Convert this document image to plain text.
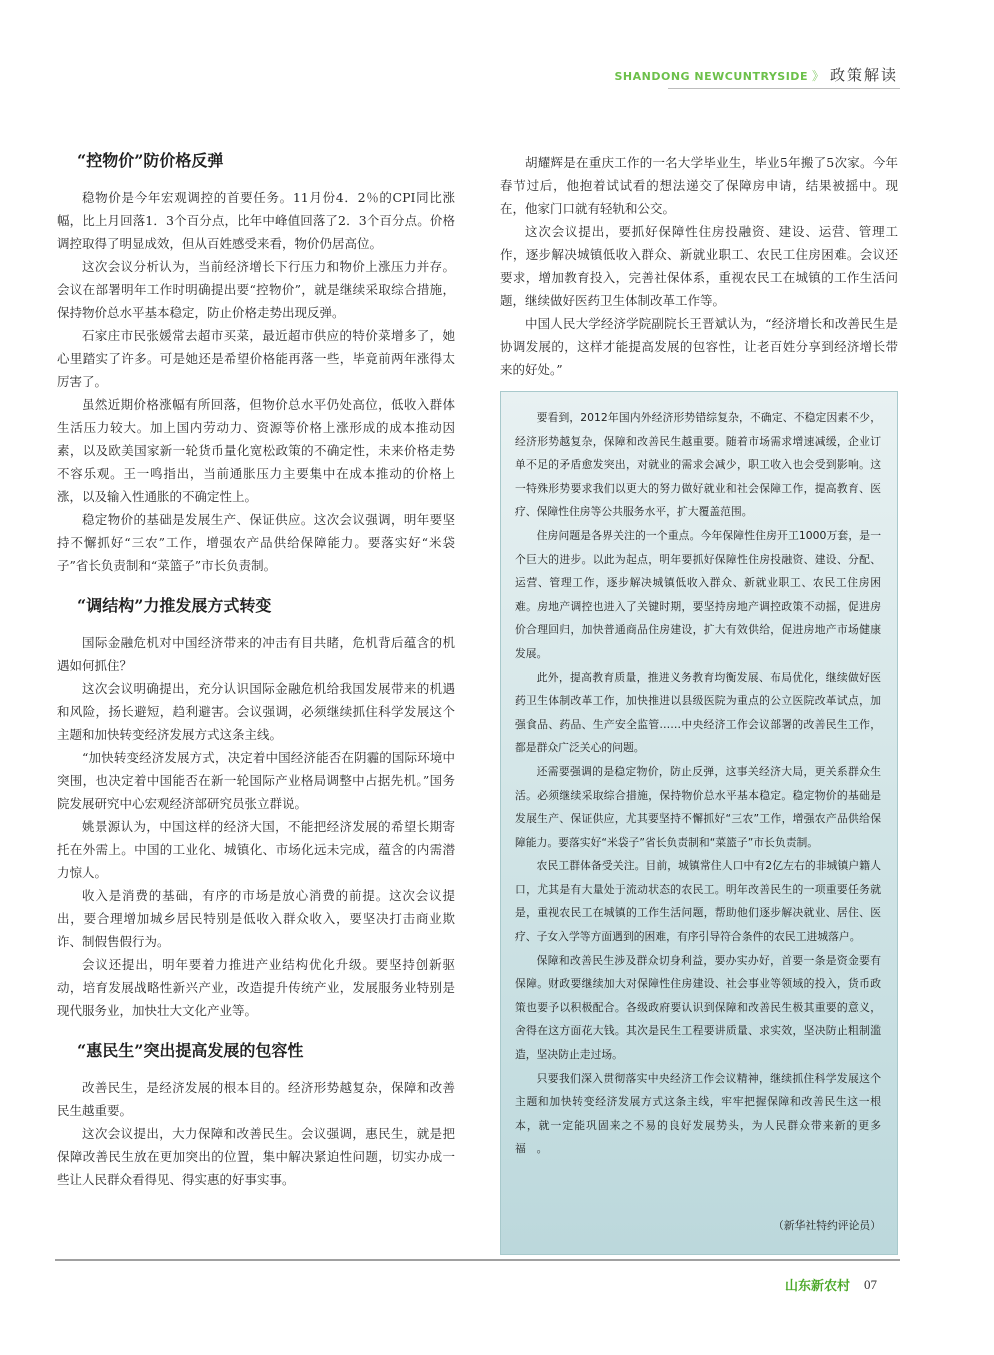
SHANDONG NEWCUNTRYSIDE 》 政策解读
“控物价”防价格反弹

稳物价是今年宏观调控的首要任务。11月份4．2％的CPI同比涨幅，比上月回落1．3个百分点，比年中峰值回落了2．3个百分点。价格调控取得了明显成效，但从百姓感受来看，物价仍居高位。

这次会议分析认为，当前经济增长下行压力和物价上涨压力并存。会议在部署明年工作时明确提出要“控物价”，就是继续采取综合措施，保持物价总水平基本稳定，防止价格走势出现反弹。

石家庄市民张媛常去超市买菜，最近超市供应的特价菜增多了，她心里踏实了许多。可是她还是希望价格能再落一些，毕竟前两年涨得太厉害了。

虽然近期价格涨幅有所回落，但物价总水平仍处高位，低收入群体生活压力较大。加上国内劳动力、资源等价格上涨形成的成本推动因素，以及欧美国家新一轮货币量化宽松政策的不确定性，未来价格走势不容乐观。王一鸣指出，当前通胀压力主要集中在成本推动的价格上涨，以及输入性通胀的不确定性上。

稳定物价的基础是发展生产、保证供应。这次会议强调，明年要坚持不懈抓好“三农”工作，增强农产品供给保障能力。要落实好“米袋子”省长负责制和“菜篮子”市长负责制。

“调结构”力推发展方式转变

国际金融危机对中国经济带来的冲击有目共睹，危机背后蕴含的机遇如何抓住？

这次会议明确提出，充分认识国际金融危机给我国发展带来的机遇和风险，扬长避短，趋利避害。会议强调，必须继续抓住科学发展这个主题和加快转变经济发展方式这条主线。

“加快转变经济发展方式，决定着中国经济能否在阴霾的国际环境中突围，也决定着中国能否在新一轮国际产业格局调整中占据先机。”国务院发展研究中心宏观经济部研究员张立群说。

姚景源认为，中国这样的经济大国，不能把经济发展的希望长期寄托在外需上。中国的工业化、城镇化、市场化远未完成，蕴含的内需潜力惊人。

收入是消费的基础，有序的市场是放心消费的前提。这次会议提出，要合理增加城乡居民特别是低收入群众收入，要坚决打击商业欺诈、制假售假行为。

会议还提出，明年要着力推进产业结构优化升级。要坚持创新驱动，培育发展战略性新兴产业，改造提升传统产业，发展服务业特别是现代服务业，加快壮大文化产业等。

“惠民生”突出提高发展的包容性

改善民生，是经济发展的根本目的。经济形势越复杂，保障和改善民生越重要。

这次会议提出，大力保障和改善民生。会议强调，惠民生，就是把保障改善民生放在更加突出的位置，集中解决紧迫性问题，切实办成一些让人民群众看得见、得实惠的好事实事。

胡耀辉是在重庆工作的一名大学毕业生，毕业5年搬了5次家。今年春节过后，他抱着试试看的想法递交了保障房申请，结果被摇中。现在，他家门口就有轻轨和公交。

这次会议提出，要抓好保障性住房投融资、建设、运营、管理工作，逐步解决城镇低收入群众、新就业职工、农民工住房困难。会议还要求，增加教育投入，完善社保体系，重视农民工在城镇的工作生活问题，继续做好医药卫生体制改革工作等。

中国人民大学经济学院副院长王晋斌认为，“经济增长和改善民生是协调发展的，这样才能提高发展的包容性，让老百姓分享到经济增长带来的好处。”

要看到，2012年国内外经济形势错综复杂，不确定、不稳定因素不少，经济形势越复杂，保障和改善民生越重要。随着市场需求增速减缓，企业订单不足的矛盾愈发突出，对就业的需求会减少，职工收入也会受到影响。这一特殊形势要求我们以更大的努力做好就业和社会保障工作，提高教育、医疗、保障性住房等公共服务水平，扩大覆盖范围。

住房问题是各界关注的一个重点。今年保障性住房开工1000万套，是一个巨大的进步。以此为起点，明年要抓好保障性住房投融资、建设、分配、运营、管理工作，逐步解决城镇低收入群众、新就业职工、农民工住房困难。房地产调控也进入了关键时期，要坚持房地产调控政策不动摇，促进房价合理回归，加快普通商品住房建设，扩大有效供给，促进房地产市场健康发展。

此外，提高教育质量，推进义务教育均衡发展、布局优化，继续做好医药卫生体制改革工作，加快推进以县级医院为重点的公立医院改革试点，加强食品、药品、生产安全监管……中央经济工作会议部署的改善民生工作，都是群众广泛关心的问题。

还需要强调的是稳定物价，防止反弹，这事关经济大局，更关系群众生活。必须继续采取综合措施，保持物价总水平基本稳定。稳定物价的基础是发展生产、保证供应，尤其要坚持不懈抓好“三农”工作，增强农产品供给保障能力。要落实好“米袋子”省长负责制和“菜篮子”市长负责制。

农民工群体备受关注。目前，城镇常住人口中有2亿左右的非城镇户籍人口，尤其是有大量处于流动状态的农民工。明年改善民生的一项重要任务就是，重视农民工在城镇的工作生活问题，帮助他们逐步解决就业、居住、医疗、子女入学等方面遇到的困难，有序引导符合条件的农民工进城落户。

保障和改善民生涉及群众切身利益，要办实办好，首要一条是资金要有保障。财政要继续加大对保障性住房建设、社会事业等领域的投入，货币政策也要予以积极配合。各级政府要认识到保障和改善民生极其重要的意义，舍得在这方面花大钱。其次是民生工程要讲质量、求实效，坚决防止粗制滥造，坚决防止走过场。

只要我们深入贯彻落实中央经济工作会议精神，继续抓住科学发展这个主题和加快转变经济发展方式这条主线，牢牢把握保障和改善民生这一根本，就一定能巩固来之不易的良好发展势头，为人民群众带来新的更多福　。

（新华社特约评论员）
山东新农村 07
